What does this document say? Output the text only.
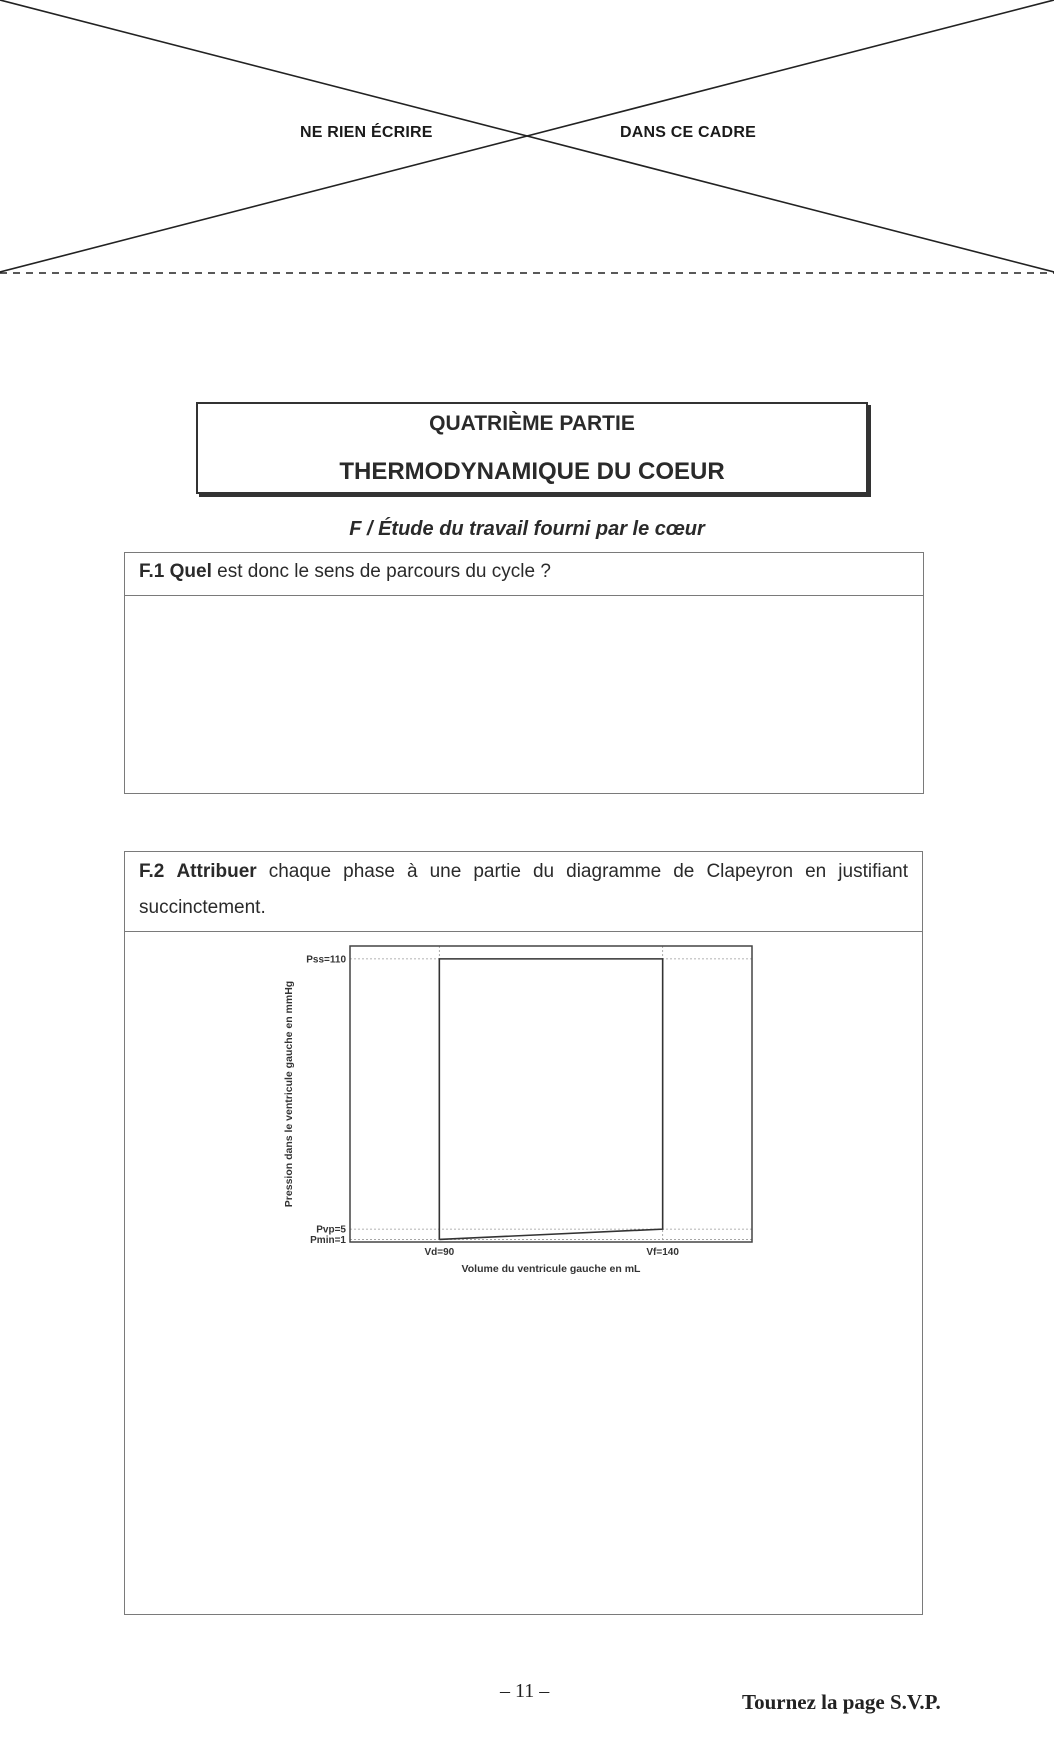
NE RIEN ÉCRIRE	DANS CE CADRE
QUATRIÈME PARTIE
THERMODYNAMIQUE DU COEUR
F / Étude du travail fourni par le cœur
F.1 Quel est donc le sens de parcours du cycle ?
F.2 Attribuer chaque phase à une partie du diagramme de Clapeyron en justifiant succinctement.
Vd=90	Vf=140
Pss=110
Pvp=5
Pmin=1
Volume du ventricule gauche en mL
Pression dans le ventricule gauche en mmHg
– 11 –	Tournez la page S.V.P.
